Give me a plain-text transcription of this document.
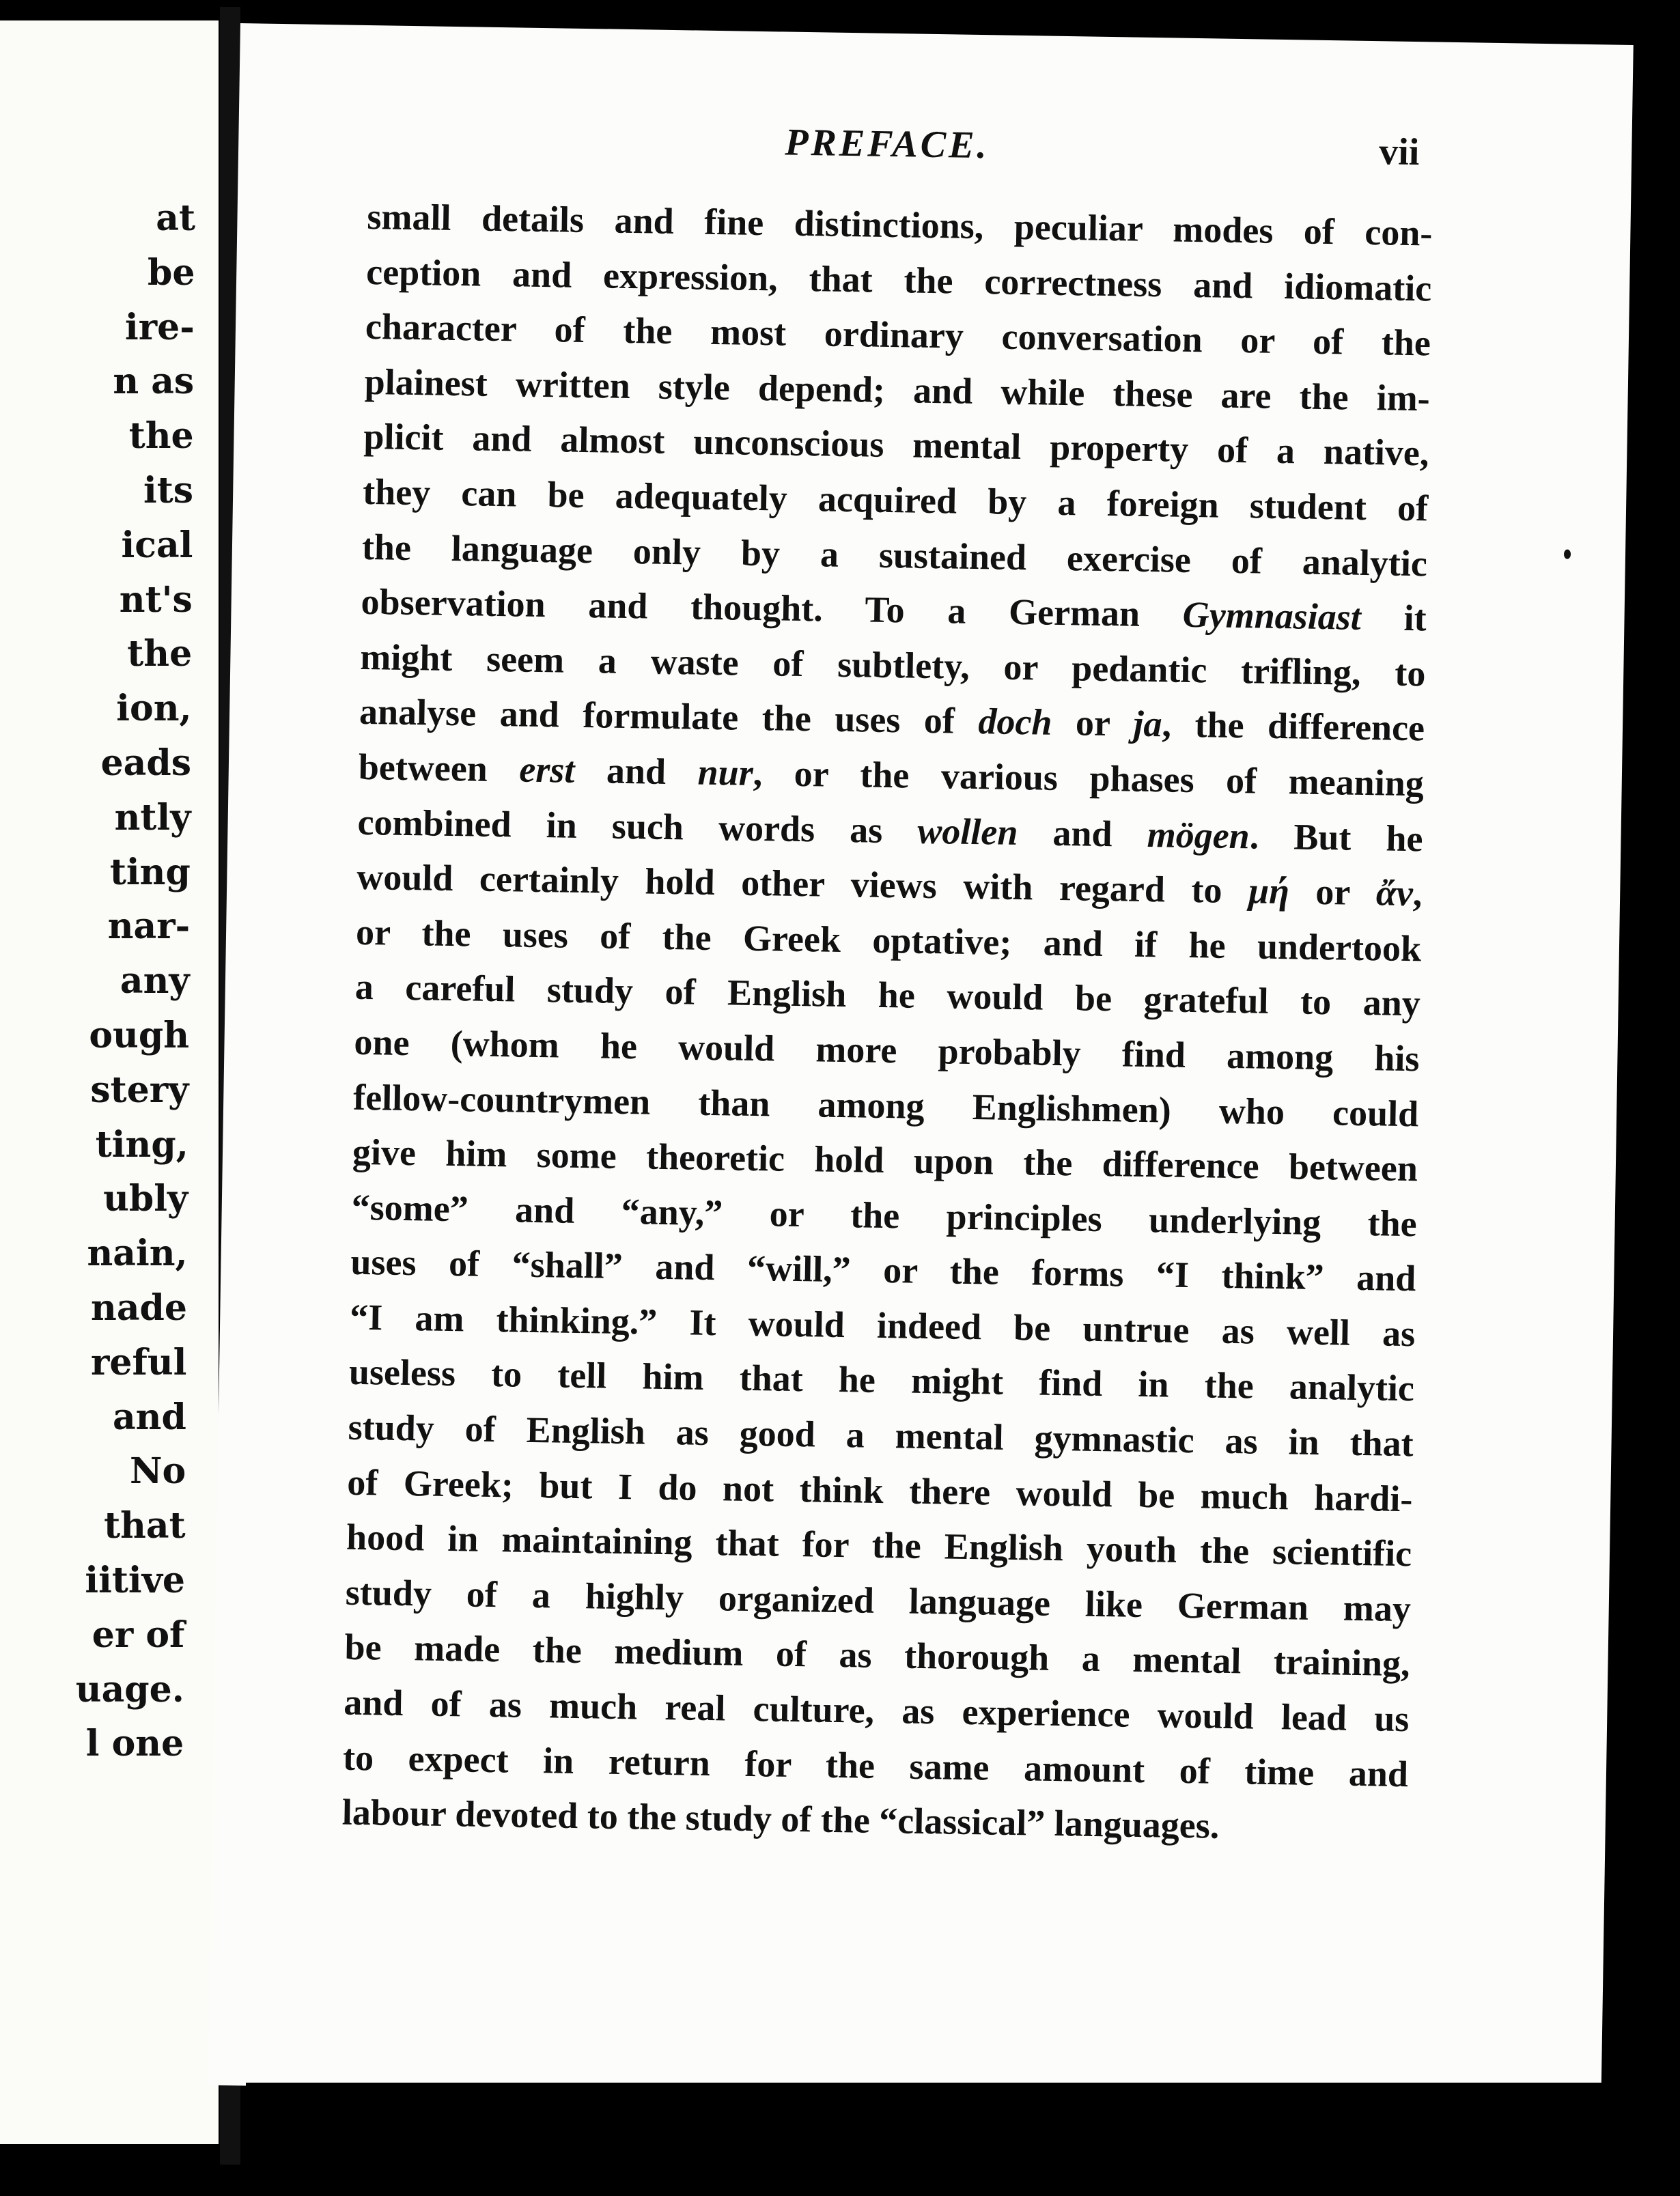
at
be
ire-
n as
the
its
ical
nt's
the
ion,
eads
ntly
ting
nar-
any
ough
stery
ting,
ubly
nain,
nade
reful
and
No
that
iitive
er of
uage.
l one
PREFACE.	vii
small details and fine distinctions, peculiar modes of con-
ception and expression, that the correctness and idiomatic
character of the most ordinary conversation or of the
plainest written style depend; and while these are the im-
plicit and almost unconscious mental property of a native,
they can be adequately acquired by a foreign student of
the language only by a sustained exercise of analytic
observation and thought. To a German Gymnasiast it
might seem a waste of subtlety, or pedantic trifling, to
analyse and formulate the uses of doch or ja, the difference
between erst and nur, or the various phases of meaning
combined in such words as wollen and mögen. But he
would certainly hold other views with regard to μή or ἄν,
or the uses of the Greek optative; and if he undertook
a careful study of English he would be grateful to any
one (whom he would more probably find among his
fellow-countrymen than among Englishmen) who could
give him some theoretic hold upon the difference between
“some” and “any,” or the principles underlying the
uses of “shall” and “will,” or the forms “I think” and
“I am thinking.” It would indeed be untrue as well as
useless to tell him that he might find in the analytic
study of English as good a mental gymnastic as in that
of Greek; but I do not think there would be much hardi-
hood in maintaining that for the English youth the scientific
study of a highly organized language like German may
be made the medium of as thorough a mental training,
and of as much real culture, as experience would lead us
to expect in return for the same amount of time and
labour devoted to the study of the “classical” languages.
